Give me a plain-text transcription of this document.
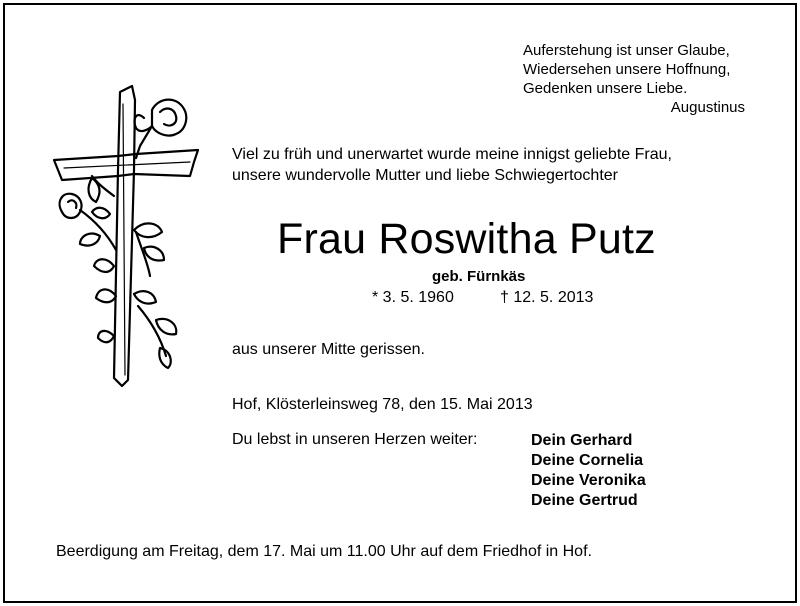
Auferstehung ist unser Glaube,
Wiedersehen unsere Hoffnung,
Gedenken unsere Liebe.
Augustinus
Viel zu früh und unerwartet wurde meine innigst geliebte Frau,
unsere wundervolle Mutter und liebe Schwiegertochter
Frau Roswitha Putz
geb. Fürnkäs
* 3. 5. 1960	† 12. 5. 2013
aus unserer Mitte gerissen.
Hof, Klösterleinsweg 78, den 15. Mai 2013
Du lebst in unseren Herzen weiter:	Dein Gerhard
Deine Cornelia
Deine Veronika
Deine Gertrud
Beerdigung am Freitag, dem 17. Mai um 11.00 Uhr auf dem Friedhof in Hof.
